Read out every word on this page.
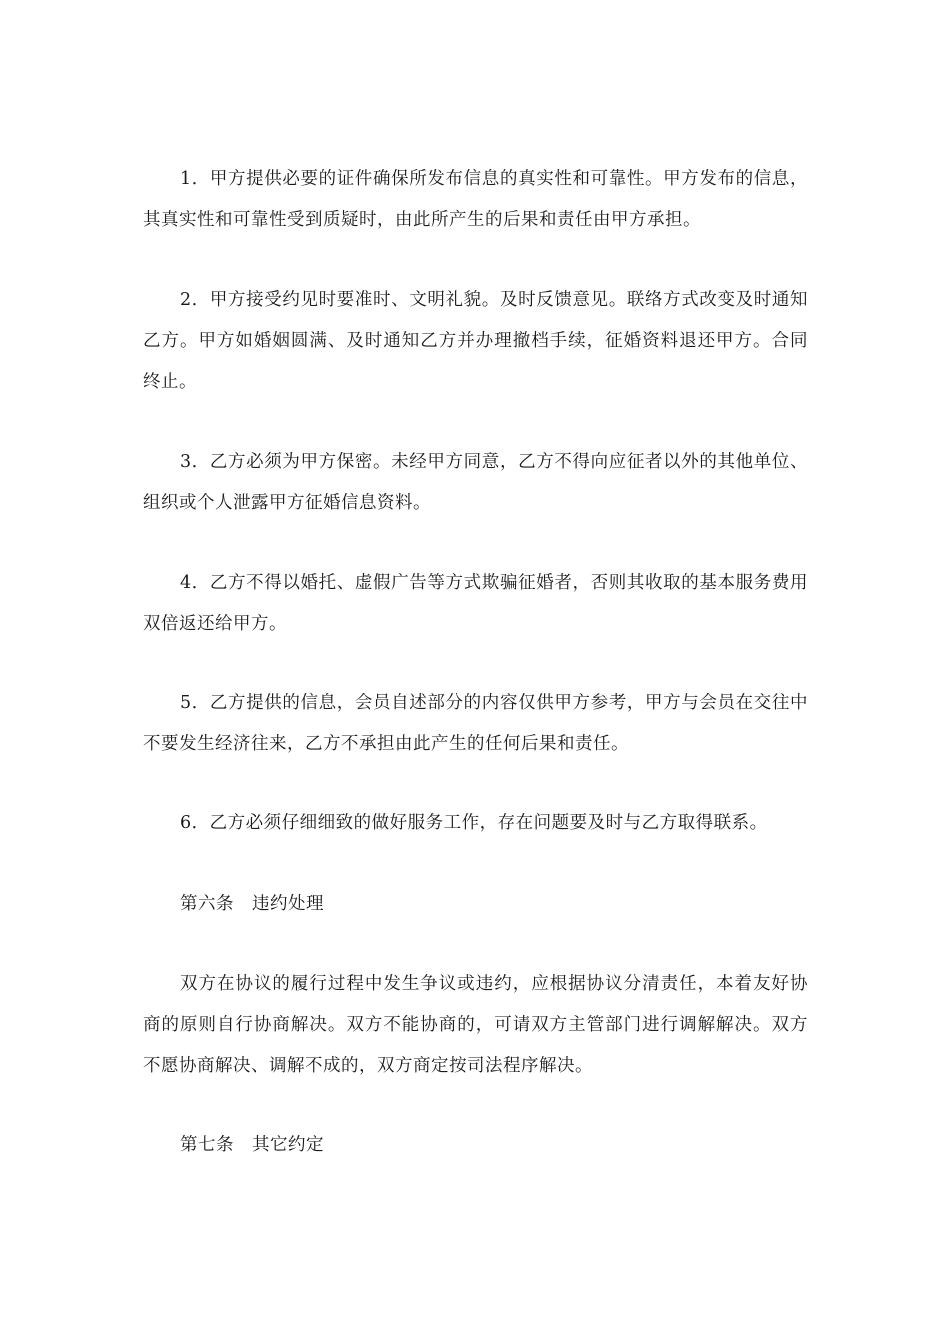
1．甲方提供必要的证件确保所发布信息的真实性和可靠性。甲方发布的信息，其真实性和可靠性受到质疑时，由此所产生的后果和责任由甲方承担。

2．甲方接受约见时要准时、文明礼貌。及时反馈意见。联络方式改变及时通知乙方。甲方如婚姻圆满、及时通知乙方并办理撤档手续，征婚资料退还甲方。合同终止。

3．乙方必须为甲方保密。未经甲方同意，乙方不得向应征者以外的其他单位、组织或个人泄露甲方征婚信息资料。

4．乙方不得以婚托、虚假广告等方式欺骗征婚者，否则其收取的基本服务费用双倍返还给甲方。

5．乙方提供的信息，会员自述部分的内容仅供甲方参考，甲方与会员在交往中不要发生经济往来，乙方不承担由此产生的任何后果和责任。

6．乙方必须仔细细致的做好服务工作，存在问题要及时与乙方取得联系。

第六条　违约处理

双方在协议的履行过程中发生争议或违约，应根据协议分清责任，本着友好协商的原则自行协商解决。双方不能协商的，可请双方主管部门进行调解解决。双方不愿协商解决、调解不成的，双方商定按司法程序解决。

第七条　其它约定
